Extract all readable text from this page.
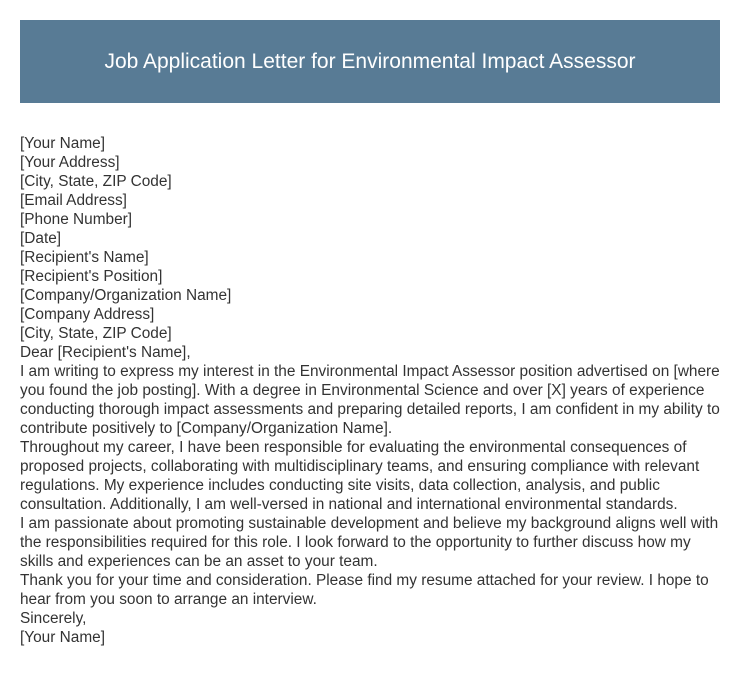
Job Application Letter for Environmental Impact Assessor

[Your Name]

[Your Address]

[City, State, ZIP Code]

[Email Address]

[Phone Number]

[Date]

[Recipient's Name]

[Recipient's Position]

[Company/Organization Name]

[Company Address]

[City, State, ZIP Code]

Dear [Recipient's Name],

I am writing to express my interest in the Environmental Impact Assessor position advertised on [where you found the job posting]. With a degree in Environmental Science and over [X] years of experience conducting thorough impact assessments and preparing detailed reports, I am confident in my ability to contribute positively to [Company/Organization Name].

Throughout my career, I have been responsible for evaluating the environmental consequences of proposed projects, collaborating with multidisciplinary teams, and ensuring compliance with relevant regulations. My experience includes conducting site visits, data collection, analysis, and public consultation. Additionally, I am well-versed in national and international environmental standards.

I am passionate about promoting sustainable development and believe my background aligns well with the responsibilities required for this role. I look forward to the opportunity to further discuss how my skills and experiences can be an asset to your team.

Thank you for your time and consideration. Please find my resume attached for your review. I hope to hear from you soon to arrange an interview.

Sincerely,

[Your Name]
